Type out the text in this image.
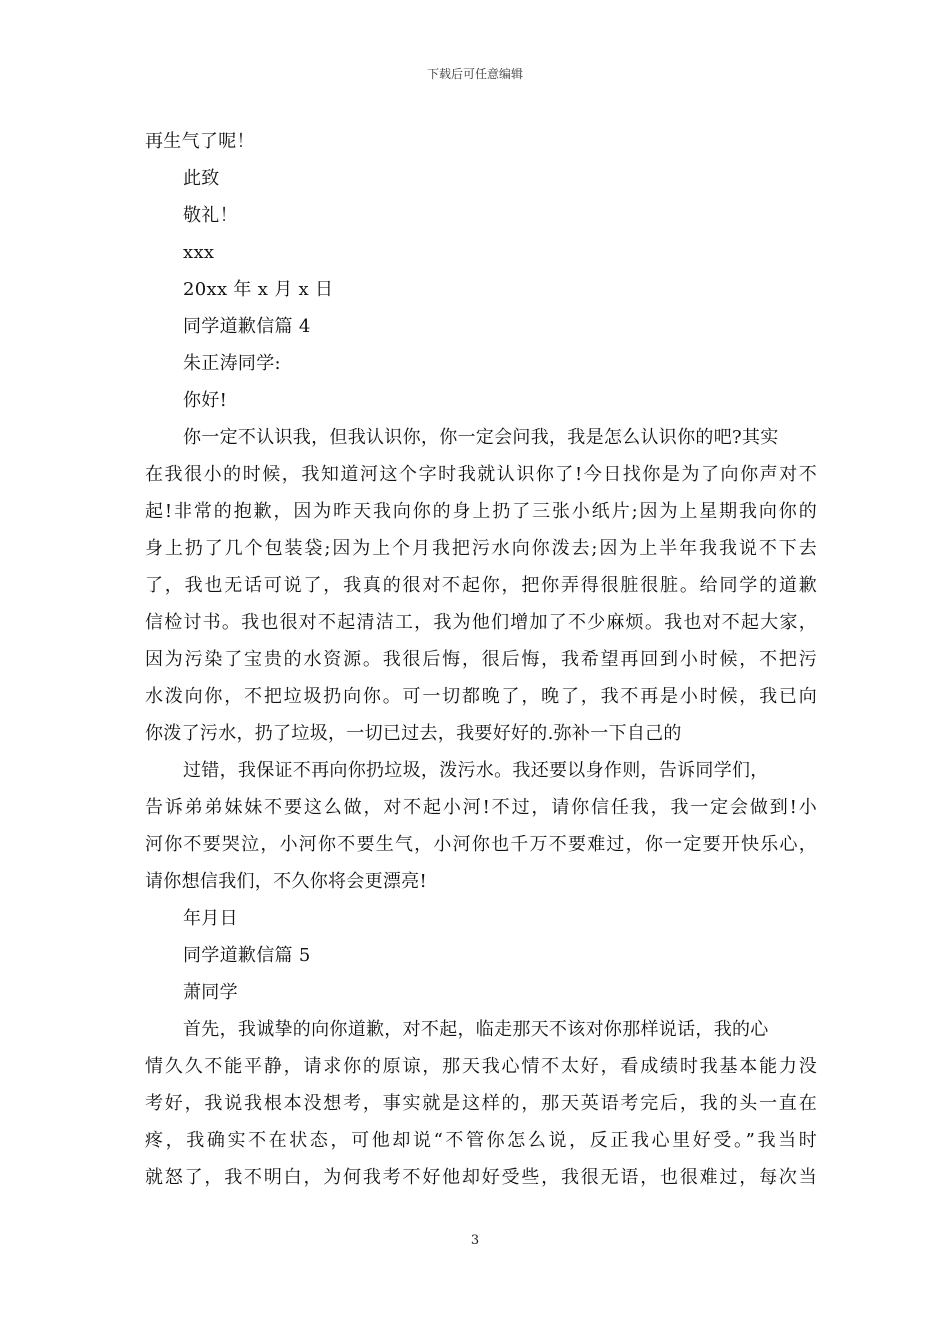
下载后可任意编辑
再生气了呢！
此致
敬礼！
xxx
20xx 年 x 月 x 日
同学道歉信篇 4
朱正涛同学:
你好!
你一定不认识我，但我认识你，你一定会问我，我是怎么认识你的吧?其实
在我很小的时候，我知道河这个字时我就认识你了!今日找你是为了向你声对不
起!非常的抱歉，因为昨天我向你的身上扔了三张小纸片;因为上星期我向你的
身上扔了几个包装袋;因为上个月我把污水向你泼去;因为上半年我我说不下去
了，我也无话可说了，我真的很对不起你，把你弄得很脏很脏。给同学的道歉
信检讨书。我也很对不起清洁工，我为他们增加了不少麻烦。我也对不起大家，
因为污染了宝贵的水资源。我很后悔，很后悔，我希望再回到小时候，不把污
水泼向你，不把垃圾扔向你。可一切都晚了，晚了，我不再是小时候，我已向
你泼了污水，扔了垃圾，一切已过去，我要好好的.弥补一下自己的
过错，我保证不再向你扔垃圾，泼污水。我还要以身作则，告诉同学们，
告诉弟弟妹妹不要这么做，对不起小河!不过，请你信任我，我一定会做到!小
河你不要哭泣，小河你不要生气，小河你也千万不要难过，你一定要开快乐心，
请你想信我们，不久你将会更漂亮!
年月日
同学道歉信篇 5
萧同学
首先，我诚挚的向你道歉，对不起，临走那天不该对你那样说话，我的心
情久久不能平静，请求你的原谅，那天我心情不太好，看成绩时我基本能力没
考好，我说我根本没想考，事实就是这样的，那天英语考完后，我的头一直在
疼，我确实不在状态，可他却说“不管你怎么说，反正我心里好受。”我当时
就怒了，我不明白，为何我考不好他却好受些，我很无语，也很难过，每次当
3
